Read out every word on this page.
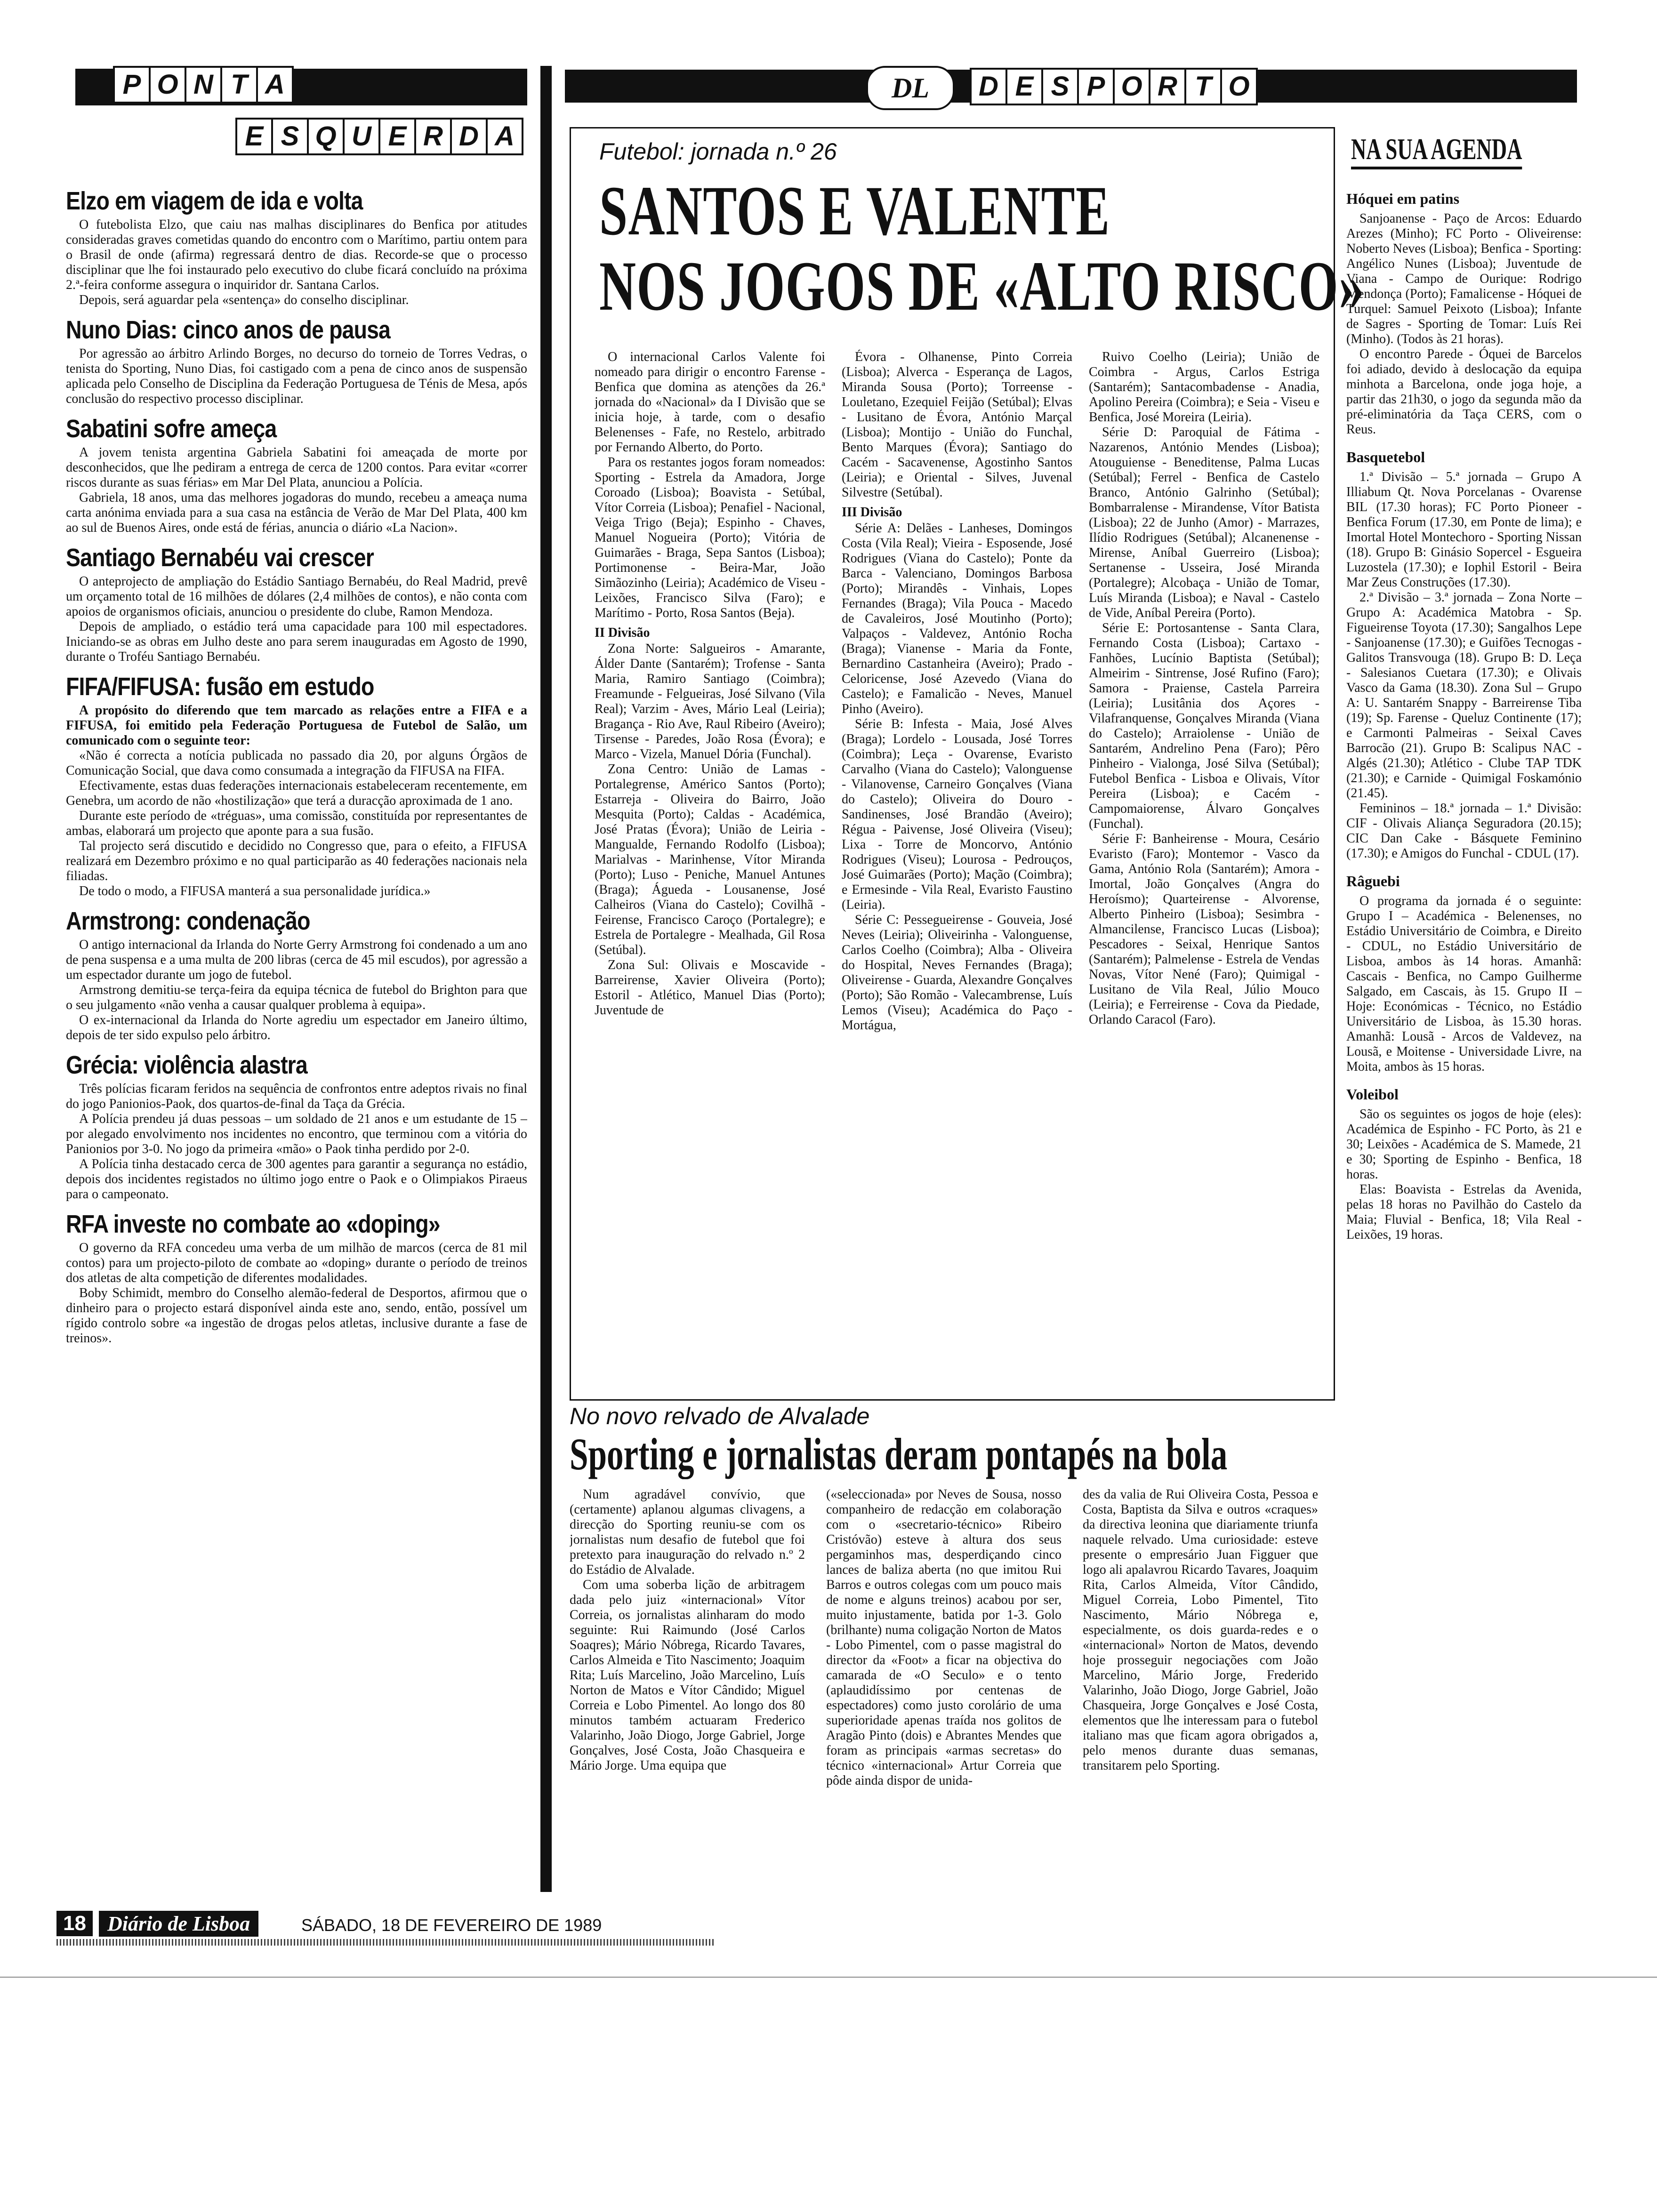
P O N T A
E S Q U E R D A
DL	D E S P O R T O
Elzo em viagem de ida e volta

O futebolista Elzo, que caiu nas malhas disciplinares do Benfica por atitudes consideradas graves cometidas quando do encontro com o Marítimo, partiu ontem para o Brasil de onde (afirma) regressará dentro de dias. Recorde-se que o processo disciplinar que lhe foi instaurado pelo executivo do clube ficará concluído na próxima 2.ª-feira conforme assegura o inquiridor dr. Santana Carlos.

Depois, será aguardar pela «sentença» do conselho disciplinar.

Nuno Dias: cinco anos de pausa

Por agressão ao árbitro Arlindo Borges, no decurso do torneio de Torres Vedras, o tenista do Sporting, Nuno Dias, foi castigado com a pena de cinco anos de suspensão aplicada pelo Conselho de Disciplina da Federação Portuguesa de Ténis de Mesa, após conclusão do respectivo processo disciplinar.

Sabatini sofre ameça

A jovem tenista argentina Gabriela Sabatini foi ameaçada de morte por desconhecidos, que lhe pediram a entrega de cerca de 1200 contos. Para evitar «correr riscos durante as suas férias» em Mar Del Plata, anunciou a Polícia.

Gabriela, 18 anos, uma das melhores jogadoras do mundo, recebeu a ameaça numa carta anónima enviada para a sua casa na estância de Verão de Mar Del Plata, 400 km ao sul de Buenos Aires, onde está de férias, anuncia o diário «La Nacion».

Santiago Bernabéu vai crescer

O anteprojecto de ampliação do Estádio Santiago Bernabéu, do Real Madrid, prevê um orçamento total de 16 milhões de dólares (2,4 milhões de contos), e não conta com apoios de organismos oficiais, anunciou o presidente do clube, Ramon Mendoza.

Depois de ampliado, o estádio terá uma capacidade para 100 mil espectadores. Iniciando-se as obras em Julho deste ano para serem inauguradas em Agosto de 1990, durante o Troféu Santiago Bernabéu.

FIFA/FIFUSA: fusão em estudo

A propósito do diferendo que tem marcado as relações entre a FIFA e a FIFUSA, foi emitido pela Federação Portuguesa de Futebol de Salão, um comunicado com o seguinte teor:

«Não é correcta a notícia publicada no passado dia 20, por alguns Órgãos de Comunicação Social, que dava como consumada a integração da FIFUSA na FIFA.

Efectivamente, estas duas federações internacionais estabeleceram recentemente, em Genebra, um acordo de não «hostilização» que terá a duracção aproximada de 1 ano.

Durante este período de «tréguas», uma comissão, constituída por representantes de ambas, elaborará um projecto que aponte para a sua fusão.

Tal projecto será discutido e decidido no Congresso que, para o efeito, a FIFUSA realizará em Dezembro próximo e no qual participarão as 40 federações nacionais nela filiadas.

De todo o modo, a FIFUSA manterá a sua personalidade jurídica.»

Armstrong: condenação

O antigo internacional da Irlanda do Norte Gerry Armstrong foi condenado a um ano de pena suspensa e a uma multa de 200 libras (cerca de 45 mil escudos), por agressão a um espectador durante um jogo de futebol.

Armstrong demitiu-se terça-feira da equipa técnica de futebol do Brighton para que o seu julgamento «não venha a causar qualquer problema à equipa».

O ex-internacional da Irlanda do Norte agrediu um espectador em Janeiro último, depois de ter sido expulso pelo árbitro.

Grécia: violência alastra

Três polícias ficaram feridos na sequência de confrontos entre adeptos rivais no final do jogo Panionios-Paok, dos quartos-de-final da Taça da Grécia.

A Polícia prendeu já duas pessoas – um soldado de 21 anos e um estudante de 15 – por alegado envolvimento nos incidentes no encontro, que terminou com a vitória do Panionios por 3-0. No jogo da primeira «mão» o Paok tinha perdido por 2-0.

A Polícia tinha destacado cerca de 300 agentes para garantir a segurança no estádio, depois dos incidentes registados no último jogo entre o Paok e o Olimpiakos Piraeus para o campeonato.

RFA investe no combate ao «doping»

O governo da RFA concedeu uma verba de um milhão de marcos (cerca de 81 mil contos) para um projecto-piloto de combate ao «doping» durante o período de treinos dos atletas de alta competição de diferentes modalidades.

Boby Schimidt, membro do Conselho alemão-federal de Desportos, afirmou que o dinheiro para o projecto estará disponível ainda este ano, sendo, então, possível um rígido controlo sobre «a ingestão de drogas pelos atletas, inclusive durante a fase de treinos».

Futebol: jornada n.º 26
SANTOS E VALENTE
NOS JOGOS DE «ALTO RISCO»

O internacional Carlos Valente foi nomeado para dirigir o encontro Farense - Benfica que domina as atenções da 26.ª jornada do «Nacional» da I Divisão que se inicia hoje, à tarde, com o desafio Belenenses - Fafe, no Restelo, arbitrado por Fernando Alberto, do Porto.

Para os restantes jogos foram nomeados: Sporting - Estrela da Amadora, Jorge Coroado (Lisboa); Boavista - Setúbal, Vítor Correia (Lisboa); Penafiel - Nacional, Veiga Trigo (Beja); Espinho - Chaves, Manuel Nogueira (Porto); Vitória de Guimarães - Braga, Sepa Santos (Lisboa); Portimonense - Beira-Mar, João Simãozinho (Leiria); Académico de Viseu - Leixões, Francisco Silva (Faro); e Marítimo - Porto, Rosa Santos (Beja).

II Divisão

Zona Norte: Salgueiros - Amarante, Álder Dante (Santarém); Trofense - Santa Maria, Ramiro Santiago (Coimbra); Freamunde - Felgueiras, José Silvano (Vila Real); Varzim - Aves, Mário Leal (Leiria); Bragança - Rio Ave, Raul Ribeiro (Aveiro); Tirsense - Paredes, João Rosa (Évora); e Marco - Vizela, Manuel Dória (Funchal).

Zona Centro: União de Lamas - Portalegrense, Américo Santos (Porto); Estarreja - Oliveira do Bairro, João Mesquita (Porto); Caldas - Académica, José Pratas (Évora); União de Leiria - Mangualde, Fernando Rodolfo (Lisboa); Marialvas - Marinhense, Vítor Miranda (Porto); Luso - Peniche, Manuel Antunes (Braga); Águeda - Lousanense, José Calheiros (Viana do Castelo); Covilhã - Feirense, Francisco Caroço (Portalegre); e Estrela de Portalegre - Mealhada, Gil Rosa (Setúbal).

Zona Sul: Olivais e Moscavide - Barreirense, Xavier Oliveira (Porto); Estoril - Atlético, Manuel Dias (Porto); Juventude de

Évora - Olhanense, Pinto Correia (Lisboa); Alverca - Esperança de Lagos, Miranda Sousa (Porto); Torreense - Louletano, Ezequiel Feijão (Setúbal); Elvas - Lusitano de Évora, António Marçal (Lisboa); Montijo - União do Funchal, Bento Marques (Évora); Santiago do Cacém - Sacavenense, Agostinho Santos (Leiria); e Oriental - Silves, Juvenal Silvestre (Setúbal).

III Divisão

Série A: Delães - Lanheses, Domingos Costa (Vila Real); Vieira - Esposende, José Rodrigues (Viana do Castelo); Ponte da Barca - Valenciano, Domingos Barbosa (Porto); Mirandês - Vinhais, Lopes Fernandes (Braga); Vila Pouca - Macedo de Cavaleiros, José Moutinho (Porto); Valpaços - Valdevez, António Rocha (Braga); Vianense - Maria da Fonte, Bernardino Castanheira (Aveiro); Prado - Celoricense, José Azevedo (Viana do Castelo); e Famalicão - Neves, Manuel Pinho (Aveiro).

Série B: Infesta - Maia, José Alves (Braga); Lordelo - Lousada, José Torres (Coimbra); Leça - Ovarense, Evaristo Carvalho (Viana do Castelo); Valonguense - Vilanovense, Carneiro Gonçalves (Viana do Castelo); Oliveira do Douro - Sandinenses, José Brandão (Aveiro); Régua - Paivense, José Oliveira (Viseu); Lixa - Torre de Moncorvo, António Rodrigues (Viseu); Lourosa - Pedrouços, José Guimarães (Porto); Mação (Coimbra); e Ermesinde - Vila Real, Evaristo Faustino (Leiria).

Série C: Pessegueirense - Gouveia, José Neves (Leiria); Oliveirinha - Valonguense, Carlos Coelho (Coimbra); Alba - Oliveira do Hospital, Neves Fernandes (Braga); Oliveirense - Guarda, Alexandre Gonçalves (Porto); São Romão - Valecambrense, Luís Lemos (Viseu); Académica do Paço - Mortágua,

Ruivo Coelho (Leiria); União de Coimbra - Argus, Carlos Estriga (Santarém); Santacombadense - Anadia, Apolino Pereira (Coimbra); e Seia - Viseu e Benfica, José Moreira (Leiria).

Série D: Paroquial de Fátima - Nazarenos, António Mendes (Lisboa); Atouguiense - Beneditense, Palma Lucas (Setúbal); Ferrel - Benfica de Castelo Branco, António Galrinho (Setúbal); Bombarralense - Mirandense, Vítor Batista (Lisboa); 22 de Junho (Amor) - Marrazes, Ilídio Rodrigues (Setúbal); Alcanenense - Mirense, Aníbal Guerreiro (Lisboa); Sertanense - Usseira, José Miranda (Portalegre); Alcobaça - União de Tomar, Luís Miranda (Lisboa); e Naval - Castelo de Vide, Aníbal Pereira (Porto).

Série E: Portosantense - Santa Clara, Fernando Costa (Lisboa); Cartaxo - Fanhões, Lucínio Baptista (Setúbal); Almeirim - Sintrense, José Rufino (Faro); Samora - Praiense, Castela Parreira (Leiria); Lusitânia dos Açores - Vilafranquense, Gonçalves Miranda (Viana do Castelo); Arraiolense - União de Santarém, Andrelino Pena (Faro); Pêro Pinheiro - Vialonga, José Silva (Setúbal); Futebol Benfica - Lisboa e Olivais, Vítor Pereira (Lisboa); e Cacém - Campomaiorense, Álvaro Gonçalves (Funchal).

Série F: Banheirense - Moura, Cesário Evaristo (Faro); Montemor - Vasco da Gama, António Rola (Santarém); Amora - Imortal, João Gonçalves (Angra do Heroísmo); Quarteirense - Alvorense, Alberto Pinheiro (Lisboa); Sesimbra - Almancilense, Francisco Lucas (Lisboa); Pescadores - Seixal, Henrique Santos (Santarém); Palmelense - Estrela de Vendas Novas, Vítor Nené (Faro); Quimigal - Lusitano de Vila Real, Júlio Mouco (Leiria); e Ferreirense - Cova da Piedade, Orlando Caracol (Faro).

NA SUA AGENDA
Hóquei em patins

Sanjoanense - Paço de Arcos: Eduardo Arezes (Minho); FC Porto - Oliveirense: Noberto Neves (Lisboa); Benfica - Sporting: Angélico Nunes (Lisboa); Juventude de Viana - Campo de Ourique: Rodrigo Mendonça (Porto); Famalicense - Hóquei de Turquel: Samuel Peixoto (Lisboa); Infante de Sagres - Sporting de Tomar: Luís Rei (Minho). (Todos às 21 horas).

O encontro Parede - Óquei de Barcelos foi adiado, devido à deslocação da equipa minhota a Barcelona, onde joga hoje, a partir das 21h30, o jogo da segunda mão da pré-eliminatória da Taça CERS, com o Reus.

Basquetebol

1.ª Divisão – 5.ª jornada – Grupo A Illiabum Qt. Nova Porcelanas - Ovarense BIL (17.30 horas); FC Porto Pioneer - Benfica Forum (17.30, em Ponte de lima); e Imortal Hotel Montechoro - Sporting Nissan (18). Grupo B: Ginásio Sopercel - Esgueira Luzostela (17.30); e Iophil Estoril - Beira Mar Zeus Construções (17.30).

2.ª Divisão – 3.ª jornada – Zona Norte – Grupo A: Académica Matobra - Sp. Figueirense Toyota (17.30); Sangalhos Lepe - Sanjoanense (17.30); e Guifões Tecnogas - Galitos Transvouga (18). Grupo B: D. Leça - Salesianos Cuetara (17.30); e Olivais Vasco da Gama (18.30). Zona Sul – Grupo A: U. Santarém Snappy - Barreirense Tiba (19); Sp. Farense - Queluz Continente (17); e Carmonti Palmeiras - Seixal Caves Barrocão (21). Grupo B: Scalipus NAC - Algés (21.30); Atlético - Clube TAP TDK (21.30); e Carnide - Quimigal Foskamónio (21.45).

Femininos – 18.ª jornada – 1.ª Divisão: CIF - Olivais Aliança Seguradora (20.15); CIC Dan Cake - Básquete Feminino (17.30); e Amigos do Funchal - CDUL (17).

Râguebi

O programa da jornada é o seguinte: Grupo I – Académica - Belenenses, no Estádio Universitário de Coimbra, e Direito - CDUL, no Estádio Universitário de Lisboa, ambos às 14 horas. Amanhã: Cascais - Benfica, no Campo Guilherme Salgado, em Cascais, às 15. Grupo II – Hoje: Económicas - Técnico, no Estádio Universitário de Lisboa, às 15.30 horas. Amanhã: Lousã - Arcos de Valdevez, na Lousã, e Moitense - Universidade Livre, na Moita, ambos às 15 horas.

Voleibol

São os seguintes os jogos de hoje (eles): Académica de Espinho - FC Porto, às 21 e 30; Leixões - Académica de S. Mamede, 21 e 30; Sporting de Espinho - Benfica, 18 horas.

Elas: Boavista - Estrelas da Avenida, pelas 18 horas no Pavilhão do Castelo da Maia; Fluvial - Benfica, 18; Vila Real - Leixões, 19 horas.

No novo relvado de Alvalade
Sporting e jornalistas deram pontapés na bola

Num agradável convívio, que (certamente) aplanou algumas clivagens, a direcção do Sporting reuniu-se com os jornalistas num desafio de futebol que foi pretexto para inauguração do relvado n.º 2 do Estádio de Alvalade.

Com uma soberba lição de arbitragem dada pelo juiz «internacional» Vítor Correia, os jornalistas alinharam do modo seguinte: Rui Raimundo (José Carlos Soaqres); Mário Nóbrega, Ricardo Tavares, Carlos Almeida e Tito Nascimento; Joaquim Rita; Luís Marcelino, João Marcelino, Luís Norton de Matos e Vítor Cândido; Miguel Correia e Lobo Pimentel. Ao longo dos 80 minutos também actuaram Frederico Valarinho, João Diogo, Jorge Gabriel, Jorge Gonçalves, José Costa, João Chasqueira e Mário Jorge. Uma equipa que

(«seleccionada» por Neves de Sousa, nosso companheiro de redacção em colaboração com o «secretario-técnico» Ribeiro Cristóvão) esteve à altura dos seus pergaminhos mas, desperdiçando cinco lances de baliza aberta (no que imitou Rui Barros e outros colegas com um pouco mais de nome e alguns treinos) acabou por ser, muito injustamente, batida por 1-3. Golo (brilhante) numa coligação Norton de Matos - Lobo Pimentel, com o passe magistral do director da «Foot» a ficar na objectiva do camarada de «O Seculo» e o tento (aplaudidíssimo por centenas de espectadores) como justo corolário de uma superioridade apenas traída nos golitos de Aragão Pinto (dois) e Abrantes Mendes que foram as principais «armas secretas» do técnico «internacional» Artur Correia que pôde ainda dispor de unida-

des da valia de Rui Oliveira Costa, Pessoa e Costa, Baptista da Silva e outros «craques» da directiva leonina que diariamente triunfa naquele relvado. Uma curiosidade: esteve presente o empresário Juan Figguer que logo ali apalavrou Ricardo Tavares, Joaquim Rita, Carlos Almeida, Vítor Cândido, Miguel Correia, Lobo Pimentel, Tito Nascimento, Mário Nóbrega e, especialmente, os dois guarda-redes e o «internacional» Norton de Matos, devendo hoje prosseguir negociações com João Marcelino, Mário Jorge, Frederido Valarinho, João Diogo, Jorge Gabriel, João Chasqueira, Jorge Gonçalves e José Costa, elementos que lhe interessam para o futebol italiano mas que ficam agora obrigados a, pelo menos durante duas semanas, transitarem pelo Sporting.

18	Diário de Lisboa	SÁBADO, 18 DE FEVEREIRO DE 1989
